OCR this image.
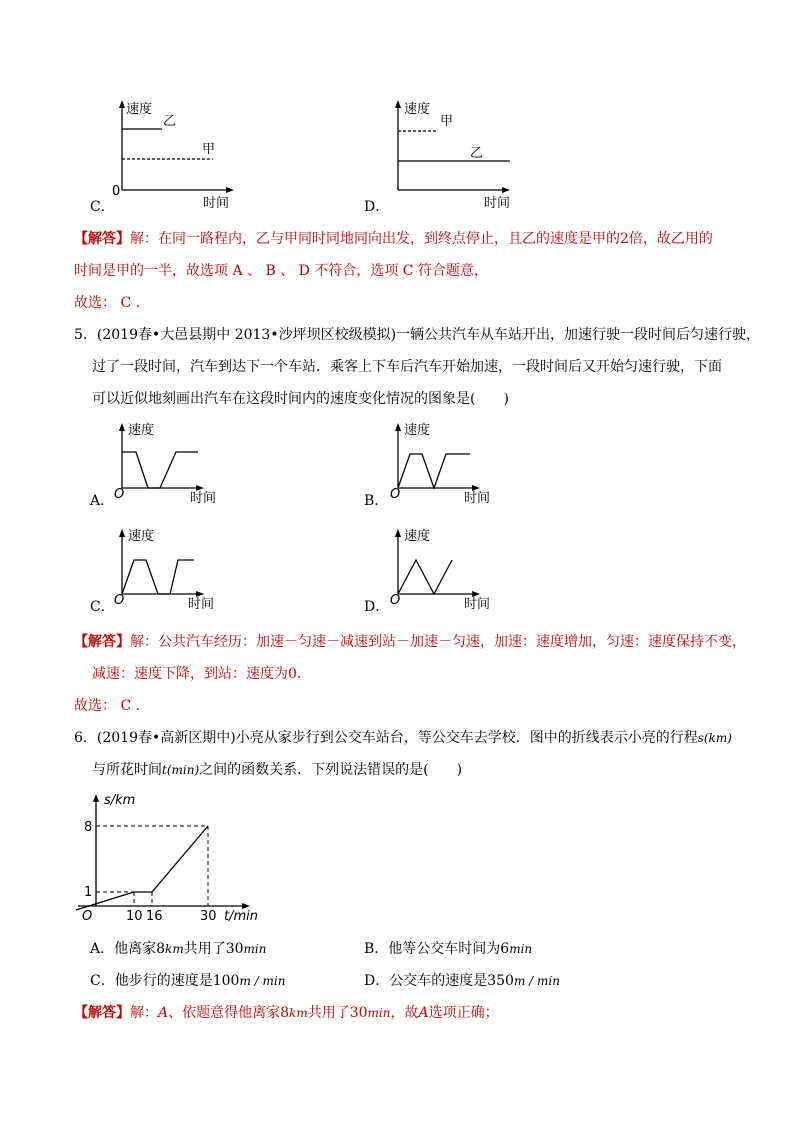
速度
乙
甲
0
时间
C．
速度
甲
乙
时间
D．
【解答】解：在同一路程内，乙与甲同时同地同向出发，到终点停止，且乙的速度是甲的2倍，故乙用的
时间是甲的一半，故选项 A 、 B 、 D 不符合，选项 C 符合题意，
故选： C ．
5．(2019春•大邑县期中 2013•沙坪坝区校级模拟)一辆公共汽车从车站开出，加速行驶一段时间后匀速行驶，
过了一段时间，汽车到达下一个车站．乘客上下车后汽车开始加速，一段时间后又开始匀速行驶，下面
可以近似地刻画出汽车在这段时间内的速度变化情况的图象是(　　)
速度
O	时间
A．
速度
O	时间
B．
速度
O	时间
C．
速度
O	时间
D．
【解答】解：公共汽车经历：加速－匀速－减速到站－加速－匀速，加速：速度增加，匀速：速度保持不变，
减速：速度下降，到站：速度为0．
故选： C ．
6．(2019春•高新区期中)小亮从家步行到公交车站台，等公交车去学校．图中的折线表示小亮的行程s(km)
与所花时间t(min)之间的函数关系．下列说法错误的是(　　)
s/km
8
1
O	10 16	30 t/min
A．他离家8km共用了30min	B．他等公交车时间为6min
C．他步行的速度是100m / min	D．公交车的速度是350m / min
【解答】解：A、依题意得他离家8km共用了30min，故A选项正确；
